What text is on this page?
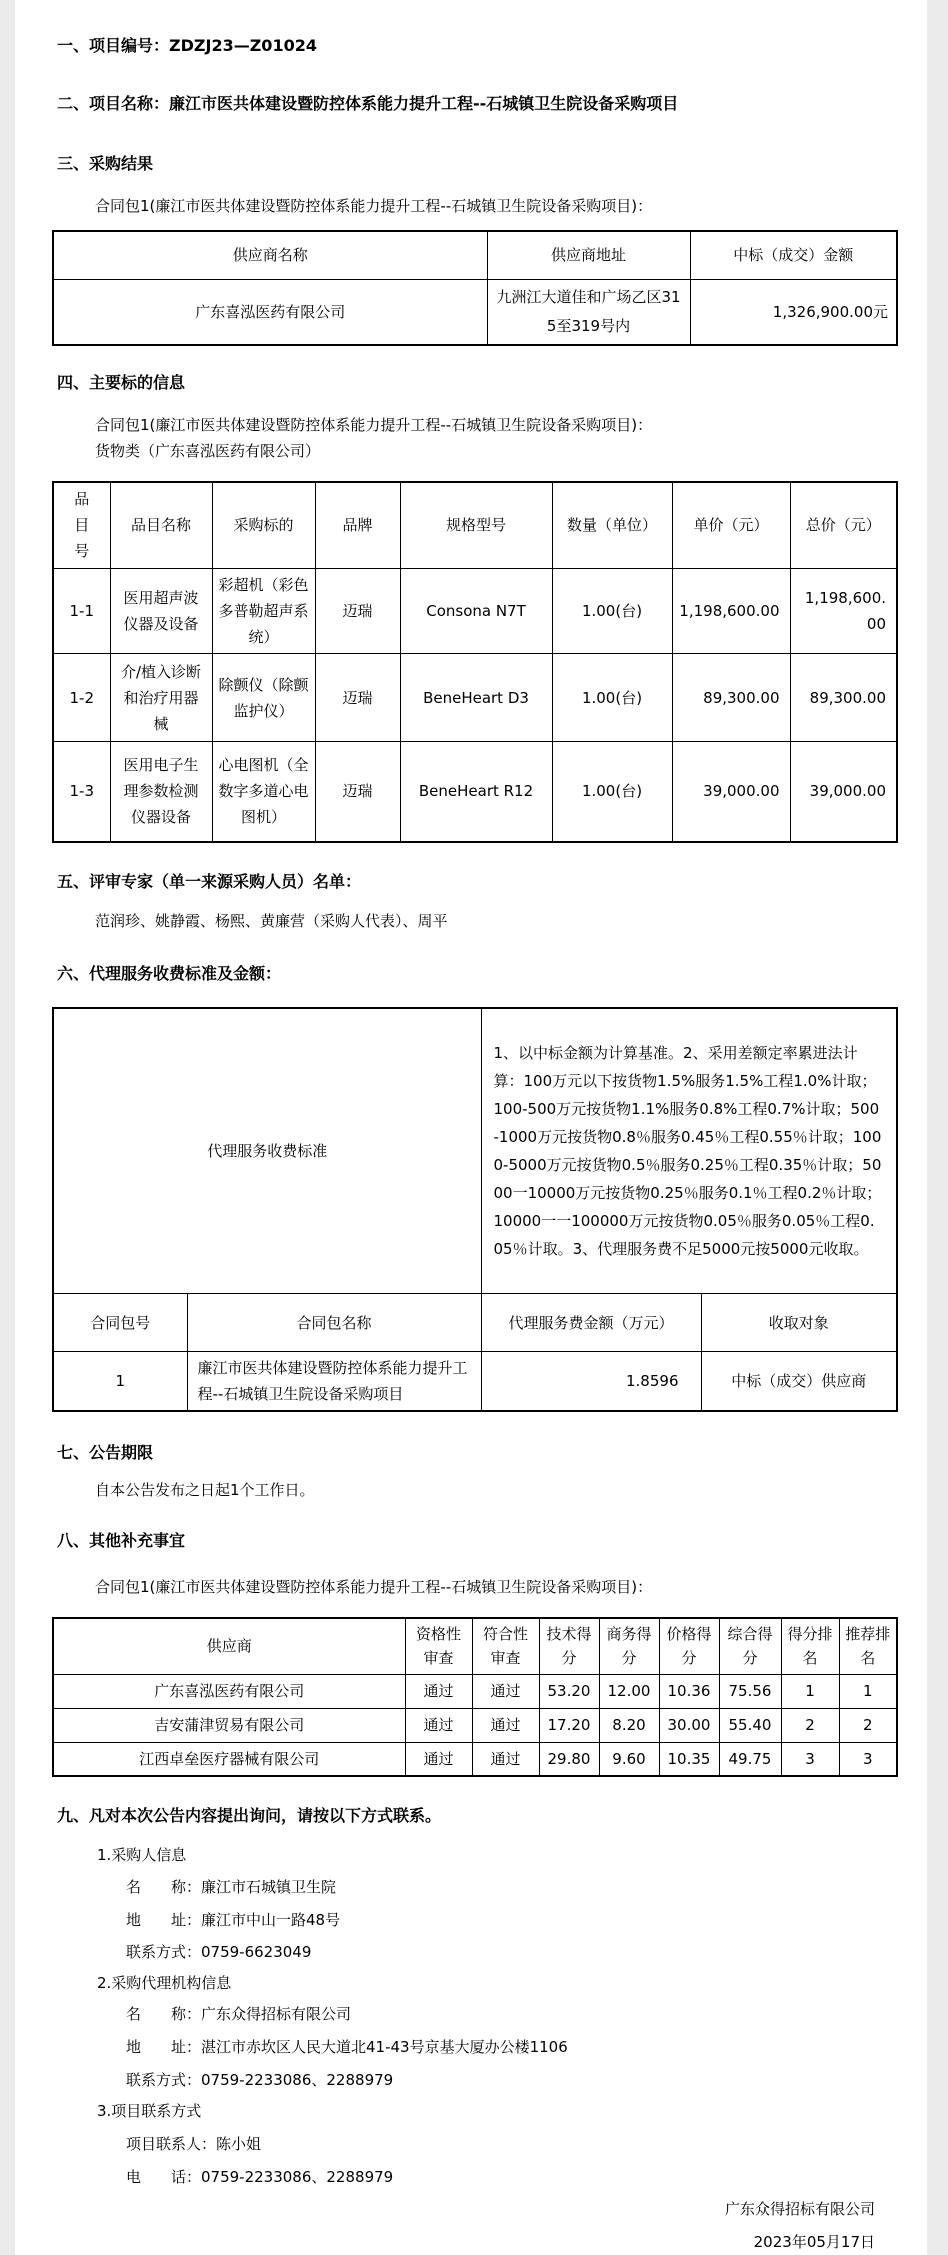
一、项目编号：ZDZJ23—Z01024
二、项目名称：廉江市医共体建设暨防控体系能力提升工程--石城镇卫生院设备采购项目
三、采购结果
合同包1(廉江市医共体建设暨防控体系能力提升工程--石城镇卫生院设备采购项目)：
供应商名称	供应商地址	中标（成交）金额
广东喜泓医药有限公司	九洲江大道佳和广场乙区315至319号内	1,326,900.00元
四、主要标的信息
合同包1(廉江市医共体建设暨防控体系能力提升工程--石城镇卫生院设备采购项目)：
货物类（广东喜泓医药有限公司）
品目号	品目名称	采购标的	品牌	规格型号	数量（单位）	单价（元）	总价（元）
1-1	医用超声波仪器及设备	彩超机（彩色多普勒超声系统）	迈瑞	Consona N7T	1.00(台)	1,198,600.00	1,198,600.00
1-2	介/植入诊断和治疗用器械	除颤仪（除颤监护仪）	迈瑞	BeneHeart D3	1.00(台)	89,300.00	89,300.00
1-3	医用电子生理参数检测仪器设备	心电图机（全数字多道心电图机）	迈瑞	BeneHeart R12	1.00(台)	39,000.00	39,000.00
五、评审专家（单一来源采购人员）名单：
范润珍、姚静霞、杨熙、黄廉营（采购人代表）、周平
六、代理服务收费标准及金额：
代理服务收费标准		1、以中标金额为计算基准。2、采用差额定率累进法计算：100万元以下按货物1.5%服务1.5%工程1.0%计取；100-500万元按货物1.1%服务0.8%工程0.7%计取；500-1000万元按货物0.8％服务0.45％工程0.55％计取；1000-5000万元按货物0.5％服务0.25％工程0.35％计取；5000一10000万元按货物0.25％服务0.1％工程0.2％计取；10000一一100000万元按货物0.05％服务0.05％工程0.05％计取。3、代理服务费不足5000元按5000元收取。	
合同包号	合同包名称	代理服务费金额（万元）	收取对象
1	廉江市医共体建设暨防控体系能力提升工程--石城镇卫生院设备采购项目	1.8596	中标（成交）供应商
七、公告期限
自本公告发布之日起1个工作日。
八、其他补充事宜
合同包1(廉江市医共体建设暨防控体系能力提升工程--石城镇卫生院设备采购项目)：
供应商	资格性审查	符合性审查	技术得分	商务得分	价格得分	综合得分	得分排名	推荐排名
广东喜泓医药有限公司	通过	通过	53.20	12.00	10.36	75.56	1	1
吉安蒲津贸易有限公司	通过	通过	17.20	8.20	30.00	55.40	2	2
江西卓垒医疗器械有限公司	通过	通过	29.80	9.60	10.35	49.75	3	3
九、凡对本次公告内容提出询问，请按以下方式联系。
1.采购人信息
名　　称：廉江市石城镇卫生院
地　　址：廉江市中山一路48号
联系方式：0759-6623049
2.采购代理机构信息
名　　称：广东众得招标有限公司
地　　址：湛江市赤坎区人民大道北41-43号京基大厦办公楼1106
联系方式：0759-2233086、2288979
3.项目联系方式
项目联系人：陈小姐
电　　话：0759-2233086、2288979
广东众得招标有限公司
2023年05月17日
